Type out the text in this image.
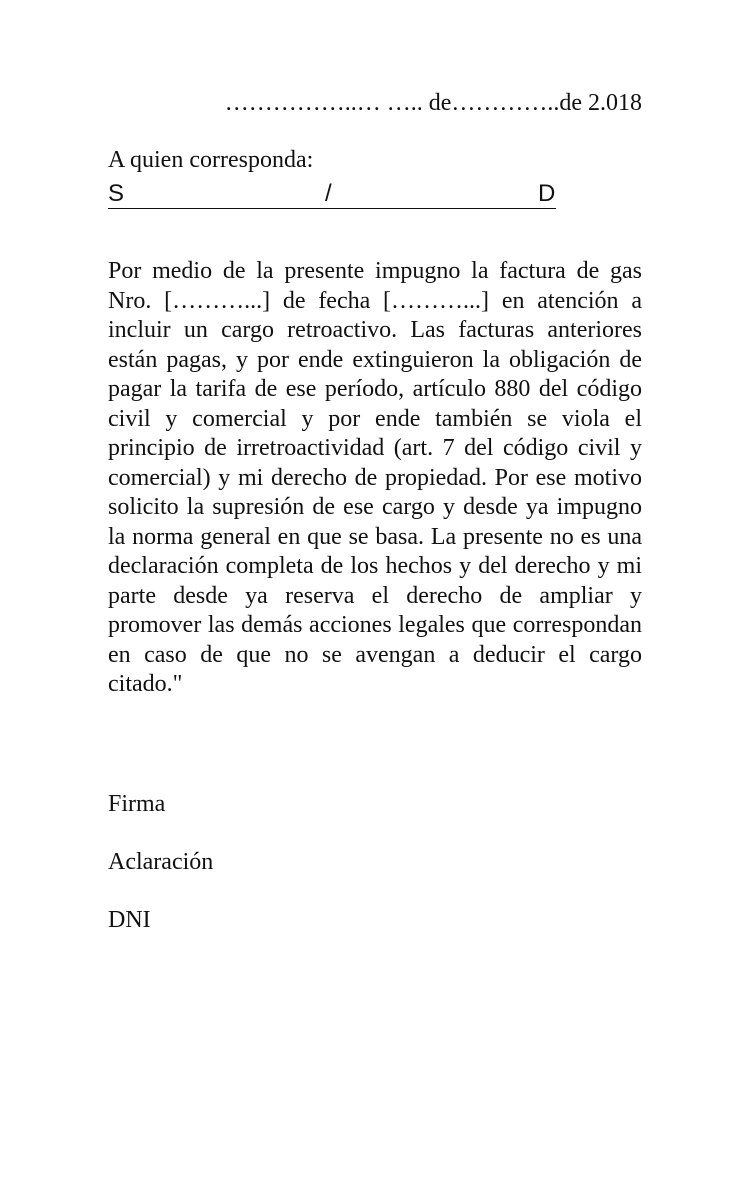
……………..… ….. de…………..de 2.018
A quien corresponda:
S	/	D

Por medio de la presente impugno la factura de gas Nro. [………...] de fecha [………...] en atención a incluir un cargo retroactivo. Las facturas anteriores están pagas, y por ende extinguieron la obligación de pagar la tarifa de ese período, artículo 880 del código civil y comercial y por ende también se viola el principio de irretroactividad (art. 7 del código civil y comercial) y mi derecho de propiedad. Por ese motivo solicito la supresión de ese cargo y desde ya impugno la norma general en que se basa. La presente no es una declaración completa de los hechos y del derecho y mi parte desde ya reserva el derecho de ampliar y promover las demás acciones legales que correspondan en caso de que no se avengan a deducir el cargo citado."

Firma
Aclaración
DNI
